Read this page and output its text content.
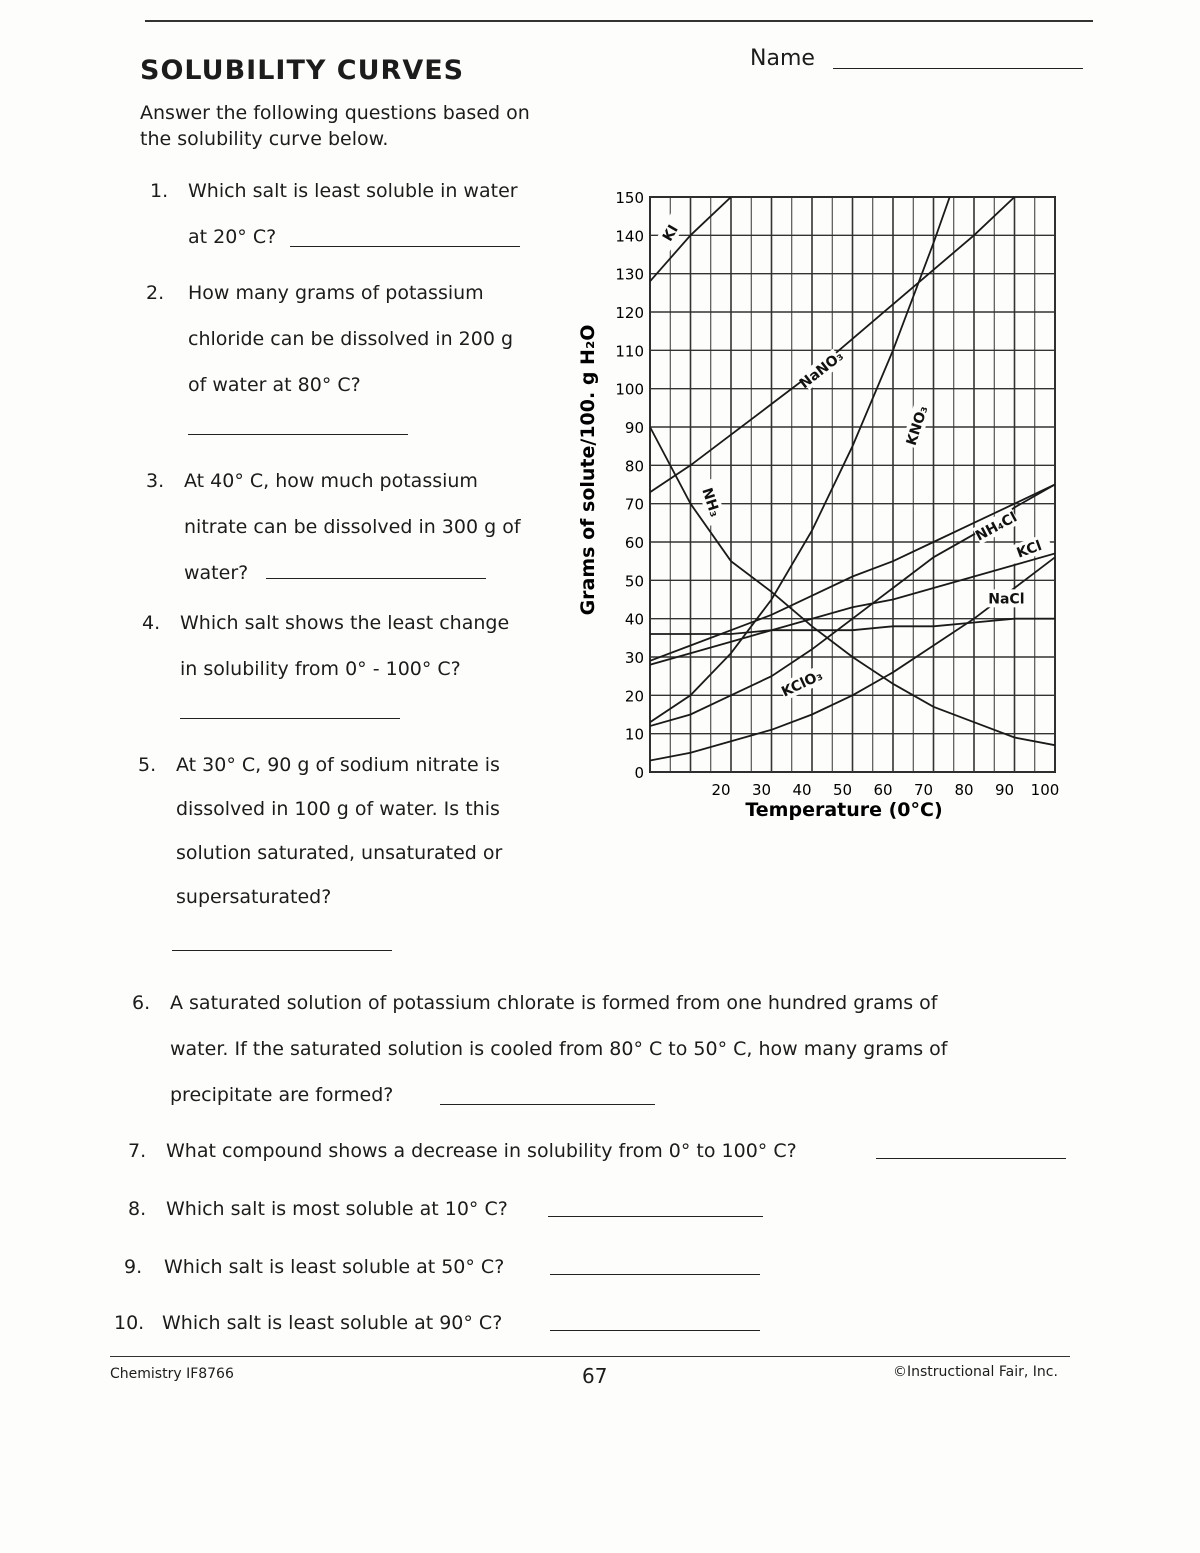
SOLUBILITY CURVES	Name
Answer the following questions based on the solubility curve below.
1. Which salt is least soluble in water
at 20° C?
2. How many grams of potassium
chloride can be dissolved in 200 g
of water at 80° C?
3. At 40° C, how much potassium
nitrate can be dissolved in 300 g of
water?
4. Which salt shows the least change
in solubility from 0° - 100° C?
5. At 30° C, 90 g of sodium nitrate is
dissolved in 100 g of water. Is this
solution saturated, unsaturated or
supersaturated?
6. A saturated solution of potassium chlorate is formed from one hundred grams of
water. If the saturated solution is cooled from 80° C to 50° C, how many grams of
precipitate are formed?
7. What compound shows a decrease in solubility from 0° to 100° C?
8. Which salt is most soluble at 10° C?
9. Which salt is least soluble at 50° C?
10. Which salt is least soluble at 90° C?
Chemistry IF8766	67	©Instructional Fair, Inc.
KI
NaNO₃
KNO₃
NH₃
NH₄Cl
KCl
NaCl
KClO₃
0
10
20
30
40
50
60
70
80
90
100
110
120
130
140
150
20 30 40 50 60 70 80 90 100
Grams of solute/100. g H₂O
Temperature (0°C)
